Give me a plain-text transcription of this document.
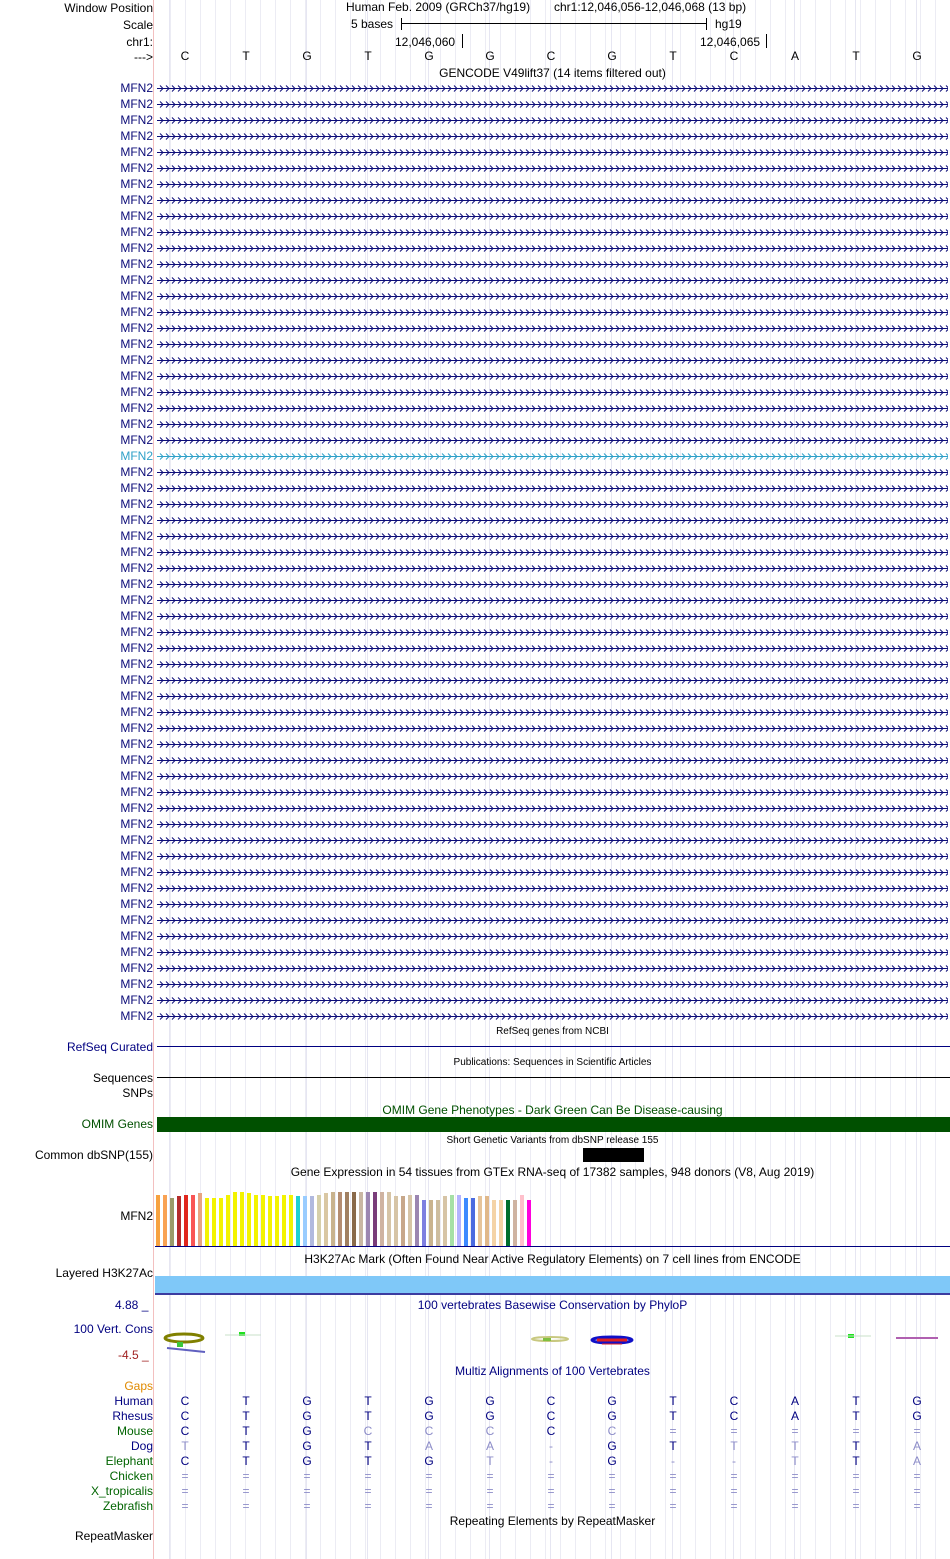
Window Position	Human Feb. 2009 (GRCh37/hg19) chr1:12,046,056-12,046,068 (13 bp)
Scale	5 bases	hg19
chr1:	12,046,060	12,046,065
--->	C	T	G	T	G	G	C	G	T	C	A	T	G
GENCODE V49lift37 (14 items filtered out)
MFN2
MFN2
MFN2
MFN2
MFN2
MFN2
MFN2
MFN2
MFN2
MFN2
MFN2
MFN2
MFN2
MFN2
MFN2
MFN2
MFN2
MFN2
MFN2
MFN2
MFN2
MFN2
MFN2
MFN2
MFN2
MFN2
MFN2
MFN2
MFN2
MFN2
MFN2
MFN2
MFN2
MFN2
MFN2
MFN2
MFN2
MFN2
MFN2
MFN2
MFN2
MFN2
MFN2
MFN2
MFN2
MFN2
MFN2
MFN2
MFN2
MFN2
MFN2
MFN2
MFN2
MFN2
MFN2
MFN2
MFN2
MFN2
MFN2
RefSeq genes from NCBI
RefSeq Curated
Publications: Sequences in Scientific Articles
Sequences
SNPs
OMIM Gene Phenotypes - Dark Green Can Be Disease-causing
OMIM Genes
Short Genetic Variants from dbSNP release 155
Common dbSNP(155)
Gene Expression in 54 tissues from GTEx RNA-seq of 17382 samples, 948 donors (V8, Aug 2019)
MFN2
H3K27Ac Mark (Often Found Near Active Regulatory Elements) on 7 cell lines from ENCODE
Layered H3K27Ac
4.88 _	100 vertebrates Basewise Conservation by PhyloP
100 Vert. Cons
-4.5 _
Multiz Alignments of 100 Vertebrates
Gaps
Human	C	T	G	T	G	G	C	G	T	C	A	T	G
Rhesus	C	T	G	T	G	G	C	G	T	C	A	T	G
Mouse	C	T	G	C	C	C	C	C	=	=	=	=	=
Dog	T	T	G	T	A	A	-	G	T	T	T	T	A
Elephant	C	T	G	T	G	T	-	G	-	-	T	T	A
Chicken	=	=	=	=	=	=	=	=	=	=	=	=	=
X_tropicalis	=	=	=	=	=	=	=	=	=	=	=	=	=
Zebrafish	=	=	=	=	=	=	=	=	=	=	=	=	=
Repeating Elements by RepeatMasker
RepeatMasker
